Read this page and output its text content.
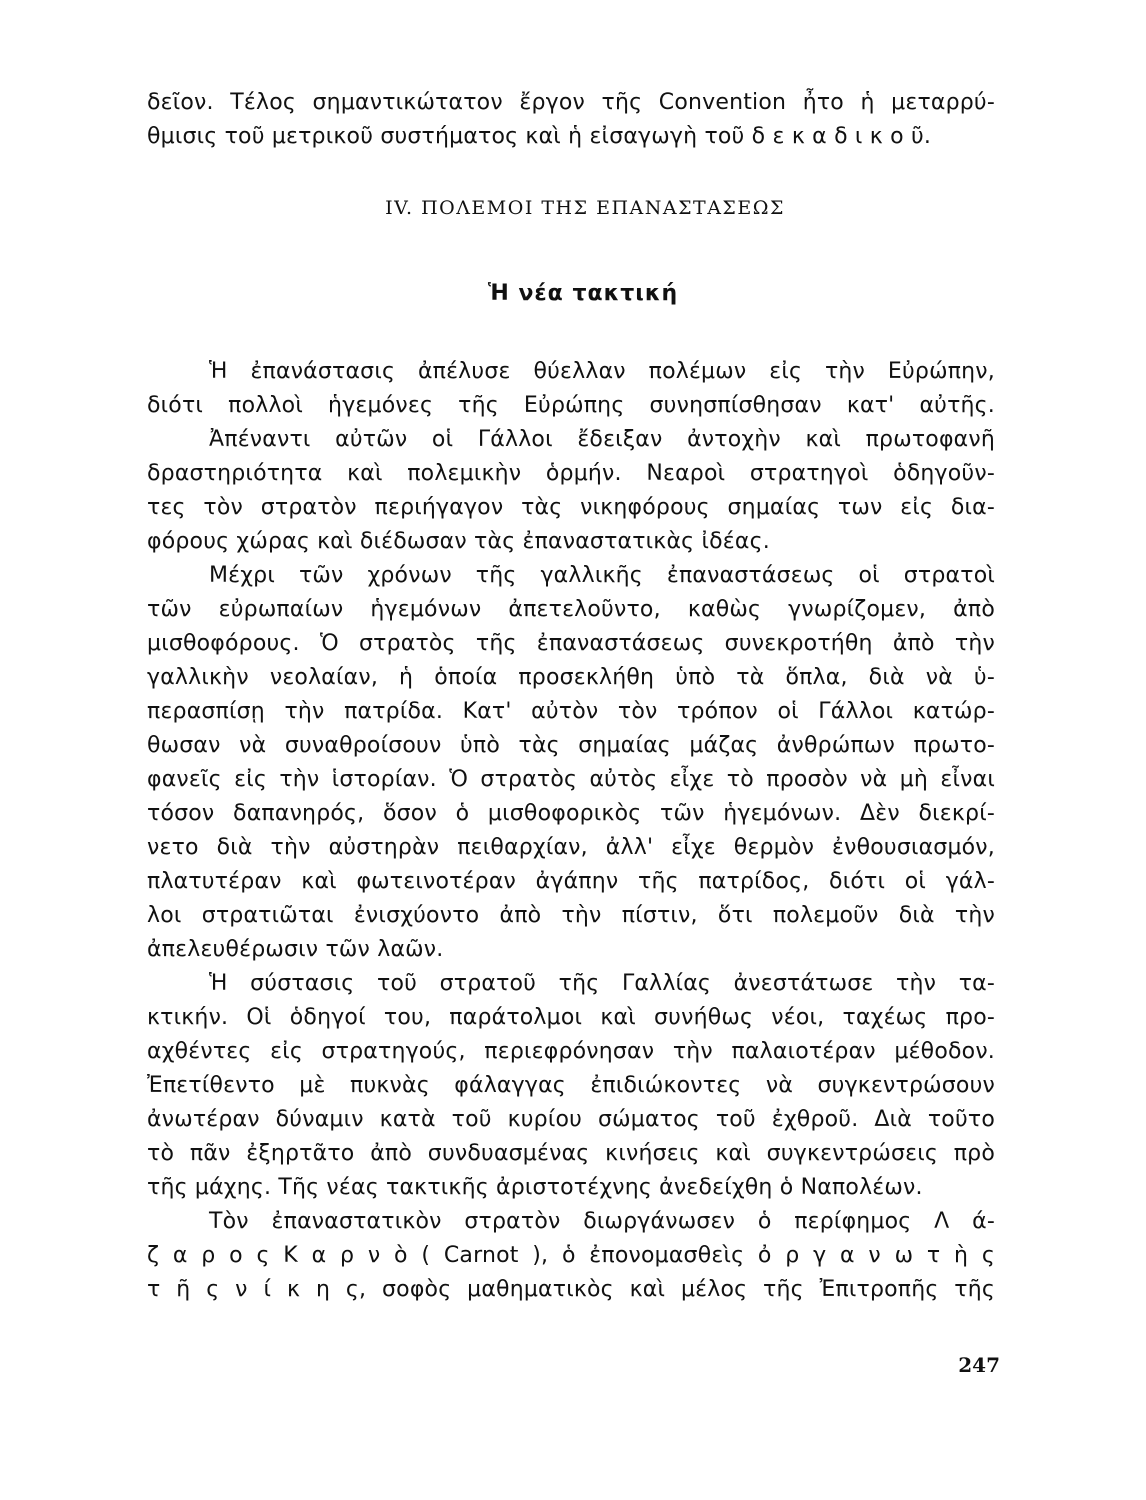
δεῖον. Τέλος σημαντικώτατον ἔργον τῆς Convention ἦτο ἡ μεταρρύ-
θμισις τοῦ μετρικοῦ συστήματος καὶ ἡ εἰσαγωγὴ τοῦ δ ε κ α δ ι κ ο ῦ.
IV. ΠΟΛΕΜΟΙ ΤΗΣ ΕΠΑΝΑΣΤΑΣΕΩΣ
Ἡ νέα τακτική
Ἡ ἐπανάστασις ἀπέλυσε θύελλαν πολέμων εἰς τὴν Εὐρώπην,
διότι πολλοὶ ἡγεμόνες τῆς Εὐρώπης συνησπίσθησαν κατ' αὐτῆς.
Ἀπέναντι αὐτῶν οἱ Γάλλοι ἔδειξαν ἀντοχὴν καὶ πρωτοφανῆ
δραστηριότητα καὶ πολεμικὴν ὁρμήν. Νεαροὶ στρατηγοὶ ὁδηγοῦν-
τες τὸν στρατὸν περιήγαγον τὰς νικηφόρους σημαίας των εἰς δια-
φόρους χώρας καὶ διέδωσαν τὰς ἐπαναστατικὰς ἰδέας.
Μέχρι τῶν χρόνων τῆς γαλλικῆς ἐπαναστάσεως οἱ στρατοὶ
τῶν εὐρωπαίων ἡγεμόνων ἀπετελοῦντο, καθὼς γνωρίζομεν, ἀπὸ
μισθοφόρους. Ὁ στρατὸς τῆς ἐπαναστάσεως συνεκροτήθη ἀπὸ τὴν
γαλλικὴν νεολαίαν, ἡ ὁποία προσεκλήθη ὑπὸ τὰ ὅπλα, διὰ νὰ ὑ-
περασπίσῃ τὴν πατρίδα. Κατ' αὐτὸν τὸν τρόπον οἱ Γάλλοι κατώρ-
θωσαν νὰ συναθροίσουν ὑπὸ τὰς σημαίας μάζας ἀνθρώπων πρωτο-
φανεῖς εἰς τὴν ἱστορίαν. Ὁ στρατὸς αὐτὸς εἶχε τὸ προσὸν νὰ μὴ εἶναι
τόσον δαπανηρός, ὅσον ὁ μισθοφορικὸς τῶν ἡγεμόνων. Δὲν διεκρί-
νετο διὰ τὴν αὐστηρὰν πειθαρχίαν, ἀλλ' εἶχε θερμὸν ἐνθουσιασμόν,
πλατυτέραν καὶ φωτεινοτέραν ἀγάπην τῆς πατρίδος, διότι οἱ γάλ-
λοι στρατιῶται ἐνισχύοντο ἀπὸ τὴν πίστιν, ὅτι πολεμοῦν διὰ τὴν
ἀπελευθέρωσιν τῶν λαῶν.
Ἡ σύστασις τοῦ στρατοῦ τῆς Γαλλίας ἀνεστάτωσε τὴν τα-
κτικήν. Οἱ ὁδηγοί του, παράτολμοι καὶ συνήθως νέοι, ταχέως προ-
αχθέντες εἰς στρατηγούς, περιεφρόνησαν τὴν παλαιοτέραν μέθοδον.
Ἐπετίθεντο μὲ πυκνὰς φάλαγγας ἐπιδιώκοντες νὰ συγκεντρώσουν
ἀνωτέραν δύναμιν κατὰ τοῦ κυρίου σώματος τοῦ ἐχθροῦ. Διὰ τοῦτο
τὸ πᾶν ἐξηρτᾶτο ἀπὸ συνδυασμένας κινήσεις καὶ συγκεντρώσεις πρὸ
τῆς μάχης. Τῆς νέας τακτικῆς ἀριστοτέχνης ἀνεδείχθη ὁ Ναπολέων.
Τὸν ἐπαναστατικὸν στρατὸν διωργάνωσεν ὁ περίφημος Λ ά-
ζ α ρ ο ς Κ α ρ ν ὸ ( Carnot ), ὁ ἐπονομασθεὶς ὀ ρ γ α ν ω τ ὴ ς
τ ῆ ς ν ί κ η ς, σοφὸς μαθηματικὸς καὶ μέλος τῆς Ἐπιτροπῆς τῆς
247
